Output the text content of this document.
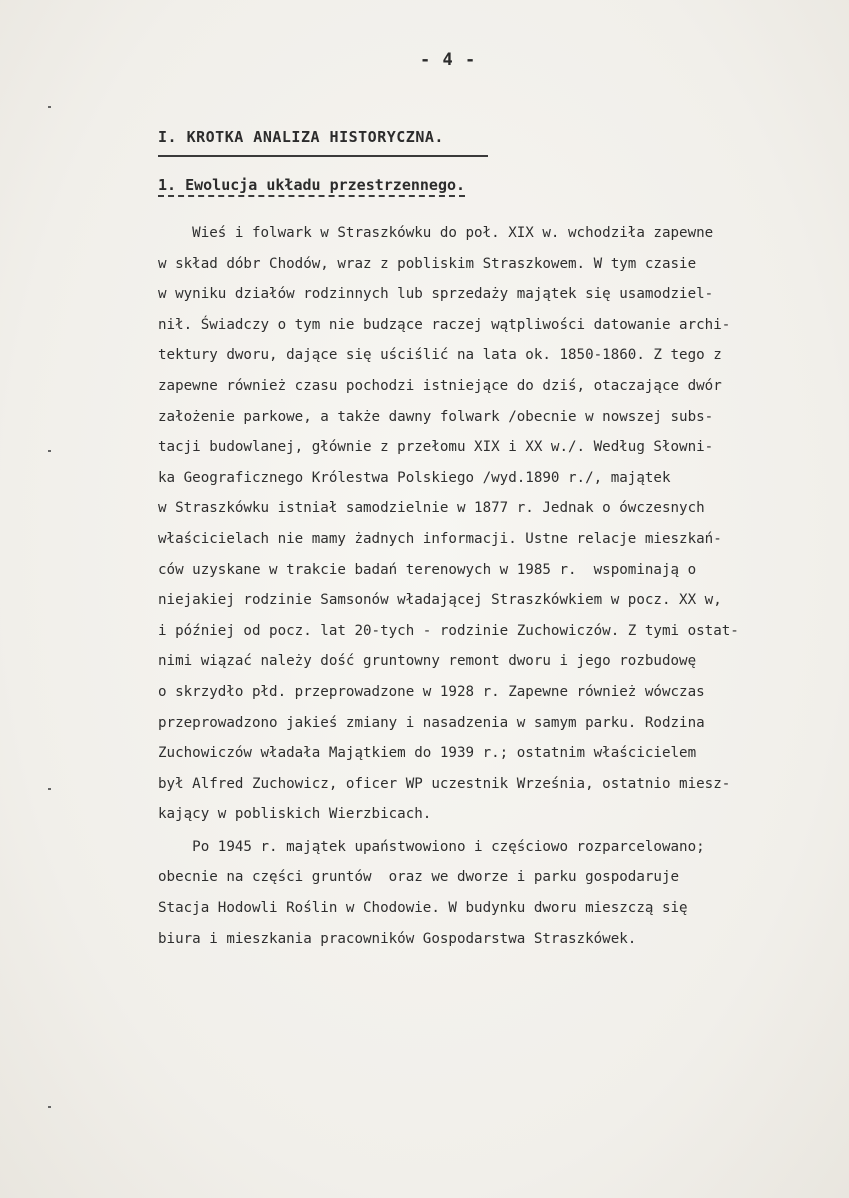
- 4 -
I. KROTKA ANALIZA HISTORYCZNA.
1. Ewolucja układu przestrzennego.
Wieś i folwark w Straszkówku do poł. XIX w. wchodziła zapewne
w skład dóbr Chodów, wraz z pobliskim Straszkowem. W tym czasie
w wyniku działów rodzinnych lub sprzedaży majątek się usamodziel-
nił. Świadczy o tym nie budzące raczej wątpliwości datowanie archi-
tektury dworu, dające się uściślić na lata ok. 1850-1860. Z tego z
zapewne również czasu pochodzi istniejące do dziś, otaczające dwór
założenie parkowe, a także dawny folwark /obecnie w nowszej subs-
tacji budowlanej, głównie z przełomu XIX i XX w./. Według Słowni-
ka Geograficznego Królestwa Polskiego /wyd.1890 r./, majątek
w Straszkówku istniał samodzielnie w 1877 r. Jednak o ówczesnych
właścicielach nie mamy żadnych informacji. Ustne relacje mieszkań-
ców uzyskane w trakcie badań terenowych w 1985 r.  wspominają o
niejakiej rodzinie Samsonów władającej Straszkówkiem w pocz. XX w,
i później od pocz. lat 20-tych - rodzinie Zuchowiczów. Z tymi ostat-
nimi wiązać należy dość gruntowny remont dworu i jego rozbudowę
o skrzydło płd. przeprowadzone w 1928 r. Zapewne również wówczas
przeprowadzono jakieś zmiany i nasadzenia w samym parku. Rodzina
Zuchowiczów władała Majątkiem do 1939 r.; ostatnim właścicielem
był Alfred Zuchowicz, oficer WP uczestnik Września, ostatnio miesz-
kający w pobliskich Wierzbicach.
Po 1945 r. majątek upaństwowiono i częściowo rozparcelowano;
obecnie na części gruntów  oraz we dworze i parku gospodaruje
Stacja Hodowli Roślin w Chodowie. W budynku dworu mieszczą się
biura i mieszkania pracowników Gospodarstwa Straszkówek.
